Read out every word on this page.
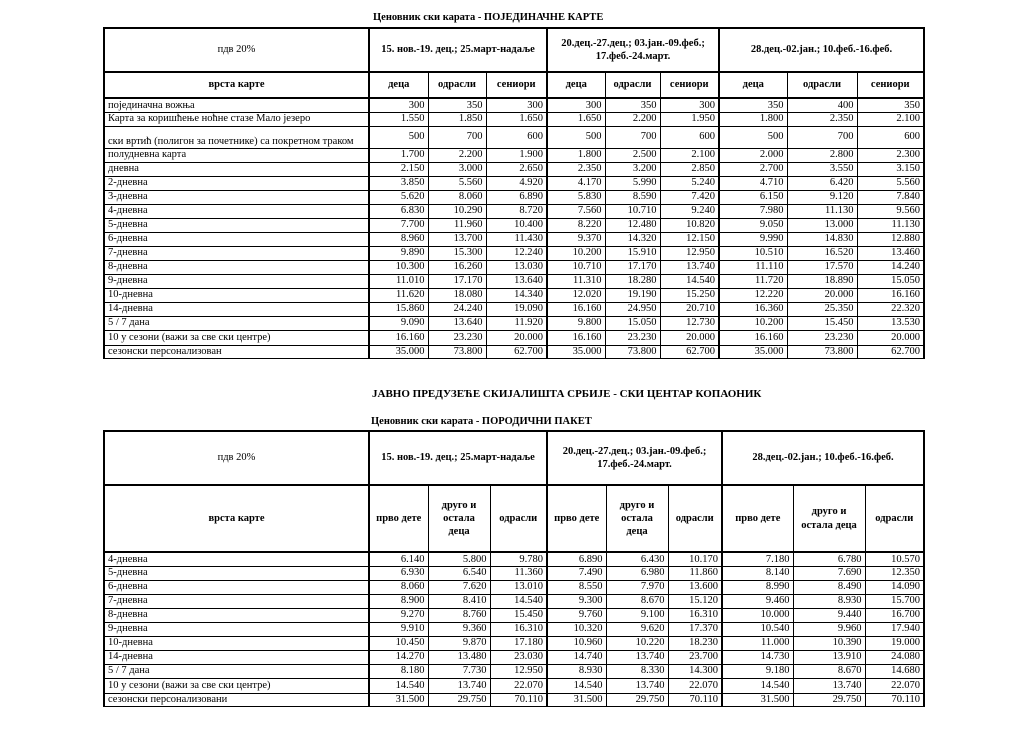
Ценовник ски карата - ПОЈЕДИНАЧНЕ КАРТЕ
пдв 20%	15. нов.-19. дец.; 25.март-надаље			20.дец.-27.дец.; 03.јан.-09.феб.; 17.феб.-24.март.			28.дец.-02.јан.; 10.феб.-16.феб.		
врста карте	деца	одрасли	сениори	деца	одрасли	сениори	деца	одрасли	сениори
појединачна вожња	300	350	300	300	350	300	350	400	350
Карта за коришћење ноћне стазе Мало језеро	1.550	1.850	1.650	1.650	2.200	1.950	1.800	2.350	2.100
ски вртић (полигон за почетнике) са покретном траком	500	700	600	500	700	600	500	700	600
полудневна карта	1.700	2.200	1.900	1.800	2.500	2.100	2.000	2.800	2.300
дневна	2.150	3.000	2.650	2.350	3.200	2.850	2.700	3.550	3.150
2-дневна	3.850	5.560	4.920	4.170	5.990	5.240	4.710	6.420	5.560
3-дневна	5.620	8.060	6.890	5.830	8.590	7.420	6.150	9.120	7.840
4-дневна	6.830	10.290	8.720	7.560	10.710	9.240	7.980	11.130	9.560
5-дневна	7.700	11.960	10.400	8.220	12.480	10.820	9.050	13.000	11.130
6-дневна	8.960	13.700	11.430	9.370	14.320	12.150	9.990	14.830	12.880
7-дневна	9.890	15.300	12.240	10.200	15.910	12.950	10.510	16.520	13.460
8-дневна	10.300	16.260	13.030	10.710	17.170	13.740	11.110	17.570	14.240
9-дневна	11.010	17.170	13.640	11.310	18.280	14.540	11.720	18.890	15.050
10-дневна	11.620	18.080	14.340	12.020	19.190	15.250	12.220	20.000	16.160
14-дневна	15.860	24.240	19.090	16.160	24.950	20.710	16.360	25.350	22.320
5 / 7 дана	9.090	13.640	11.920	9.800	15.050	12.730	10.200	15.450	13.530
10 у сезони (важи за све ски центре)	16.160	23.230	20.000	16.160	23.230	20.000	16.160	23.230	20.000
сезонски персонализован	35.000	73.800	62.700	35.000	73.800	62.700	35.000	73.800	62.700
ЈАВНО ПРЕДУЗЕЋЕ СКИЈАЛИШТА СРБИЈЕ - СКИ ЦЕНТАР КОПАОНИК
Ценовник ски карата - ПОРОДИЧНИ ПАКЕТ
пдв 20%	15. нов.-19. дец.; 25.март-надаље			20.дец.-27.дец.; 03.јан.-09.феб.; 17.феб.-24.март.			28.дец.-02.јан.; 10.феб.-16.феб.		
врста карте	прво дете	друго и остала деца	одрасли	прво дете	друго и остала деца	одрасли	прво дете	друго и остала деца	одрасли
4-дневна	6.140	5.800	9.780	6.890	6.430	10.170	7.180	6.780	10.570
5-дневна	6.930	6.540	11.360	7.490	6.980	11.860	8.140	7.690	12.350
6-дневна	8.060	7.620	13.010	8.550	7.970	13.600	8.990	8.490	14.090
7-дневна	8.900	8.410	14.540	9.300	8.670	15.120	9.460	8.930	15.700
8-дневна	9.270	8.760	15.450	9.760	9.100	16.310	10.000	9.440	16.700
9-дневна	9.910	9.360	16.310	10.320	9.620	17.370	10.540	9.960	17.940
10-дневна	10.450	9.870	17.180	10.960	10.220	18.230	11.000	10.390	19.000
14-дневна	14.270	13.480	23.030	14.740	13.740	23.700	14.730	13.910	24.080
5 / 7 дана	8.180	7.730	12.950	8.930	8.330	14.300	9.180	8.670	14.680
10 у сезони (важи за све ски центре)	14.540	13.740	22.070	14.540	13.740	22.070	14.540	13.740	22.070
сезонски персонализовани	31.500	29.750	70.110	31.500	29.750	70.110	31.500	29.750	70.110
